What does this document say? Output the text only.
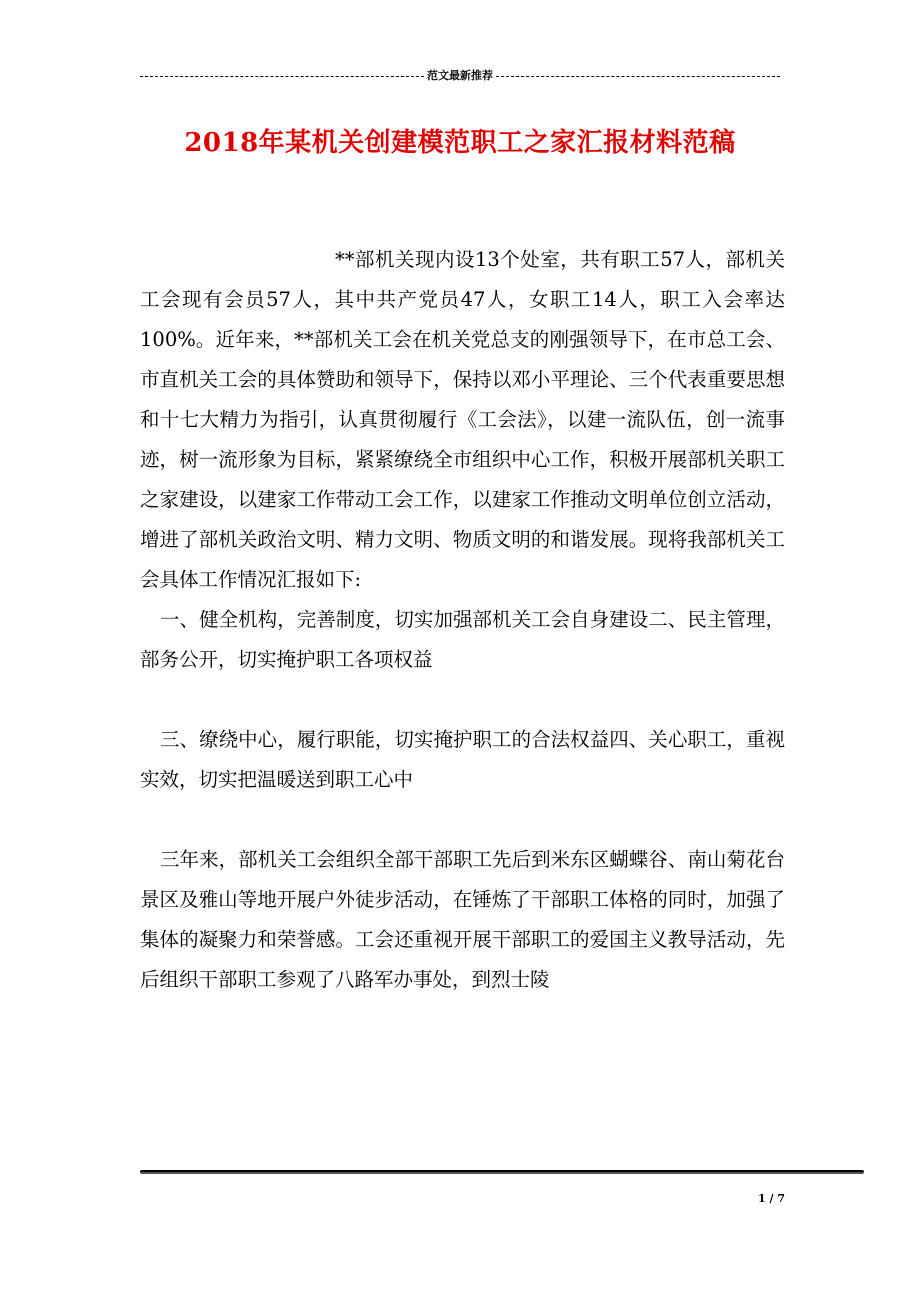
范文最新推荐
2018年某机关创建模范职工之家汇报材料范稿

**部机关现内设13个处室，共有职工57人，部机关工会现有会员57人，其中共产党员47人，女职工14人，职工入会率达100%。近年来，**部机关工会在机关党总支的刚强领导下，在市总工会、市直机关工会的具体赞助和领导下，保持以邓小平理论、三个代表重要思想和十七大精力为指引，认真贯彻履行《工会法》，以建一流队伍，创一流事迹，树一流形象为目标，紧紧缭绕全市组织中心工作，积极开展部机关职工之家建设，以建家工作带动工会工作，以建家工作推动文明单位创立活动，增进了部机关政治文明、精力文明、物质文明的和谐发展。现将我部机关工会具体工作情况汇报如下:

一、健全机构，完善制度，切实加强部机关工会自身建设二、民主管理，部务公开，切实掩护职工各项权益

三、缭绕中心，履行职能，切实掩护职工的合法权益四、关心职工，重视实效，切实把温暖送到职工心中

三年来，部机关工会组织全部干部职工先后到米东区蝴蝶谷、南山菊花台景区及雅山等地开展户外徒步活动，在锤炼了干部职工体格的同时，加强了集体的凝聚力和荣誉感。工会还重视开展干部职工的爱国主义教导活动，先后组织干部职工参观了八路军办事处，到烈士陵

1 / 7
